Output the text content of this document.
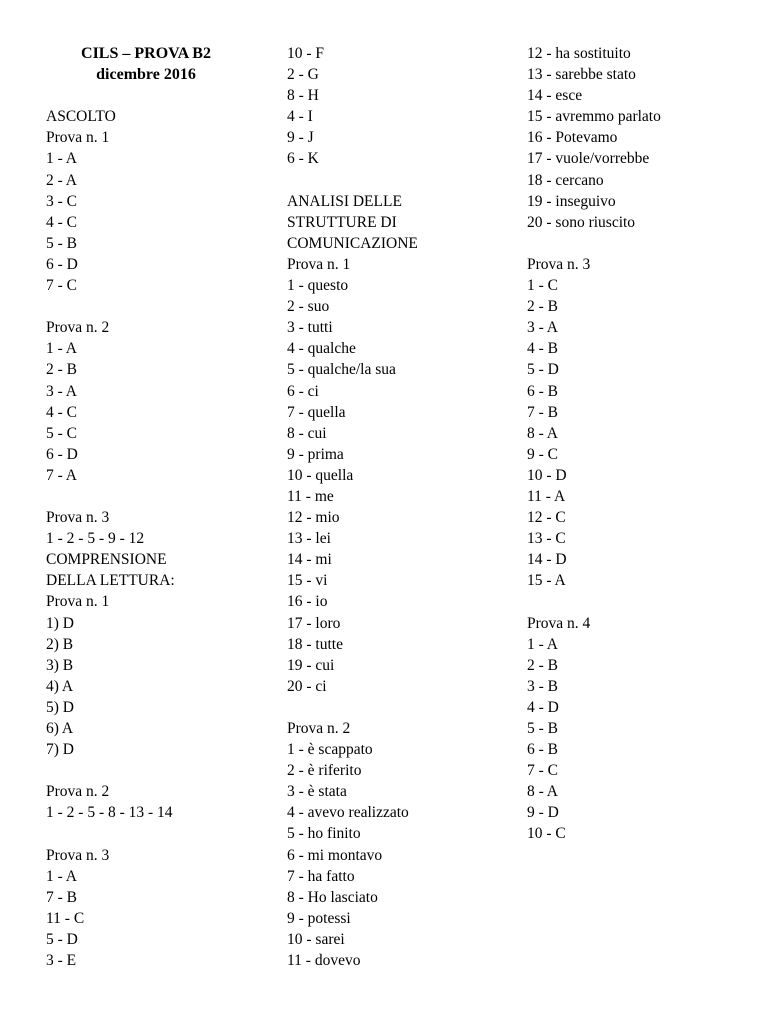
CILS – PROVA B2
dicembre 2016
ASCOLTO
Prova n. 1
1 - A
2 - A
3 - C
4 - C
5 - B
6 - D
7 - C
Prova n. 2
1 - A
2 - B
3 - A
4 - C
5 - C
6 - D
7 - A
Prova n. 3
1 - 2 - 5 - 9 - 12
COMPRENSIONE
DELLA LETTURA:
Prova n. 1
1) D
2) B
3) B
4) A
5) D
6) A
7) D
Prova n. 2
1 - 2 - 5 - 8 - 13 - 14
Prova n. 3
1 - A
7 - B
11 - C
5 - D
3 - E
10 - F
2 - G
8 - H
4 - I
9 - J
6 - K
ANALISI DELLE
STRUTTURE DI
COMUNICAZIONE
Prova n. 1
1 - questo
2 - suo
3 - tutti
4 - qualche
5 - qualche/la sua
6 - ci
7 - quella
8 - cui
9 - prima
10 - quella
11 - me
12 - mio
13 - lei
14 - mi
15 - vi
16 - io
17 - loro
18 - tutte
19 - cui
20 - ci
Prova n. 2
1 - è scappato
2 - è riferito
3 - è stata
4 - avevo realizzato
5 - ho finito
6 - mi montavo
7 - ha fatto
8 - Ho lasciato
9 - potessi
10 - sarei
11 - dovevo
12 - ha sostituito
13 - sarebbe stato
14 - esce
15 - avremmo parlato
16 - Potevamo
17 - vuole/vorrebbe
18 - cercano
19 - inseguivo
20 - sono riuscito
Prova n. 3
1 - C
2 - B
3 - A
4 - B
5 - D
6 - B
7 - B
8 - A
9 - C
10 - D
11 - A
12 - C
13 - C
14 - D
15 - A
Prova n. 4
1 - A
2 - B
3 - B
4 - D
5 - B
6 - B
7 - C
8 - A
9 - D
10 - C
